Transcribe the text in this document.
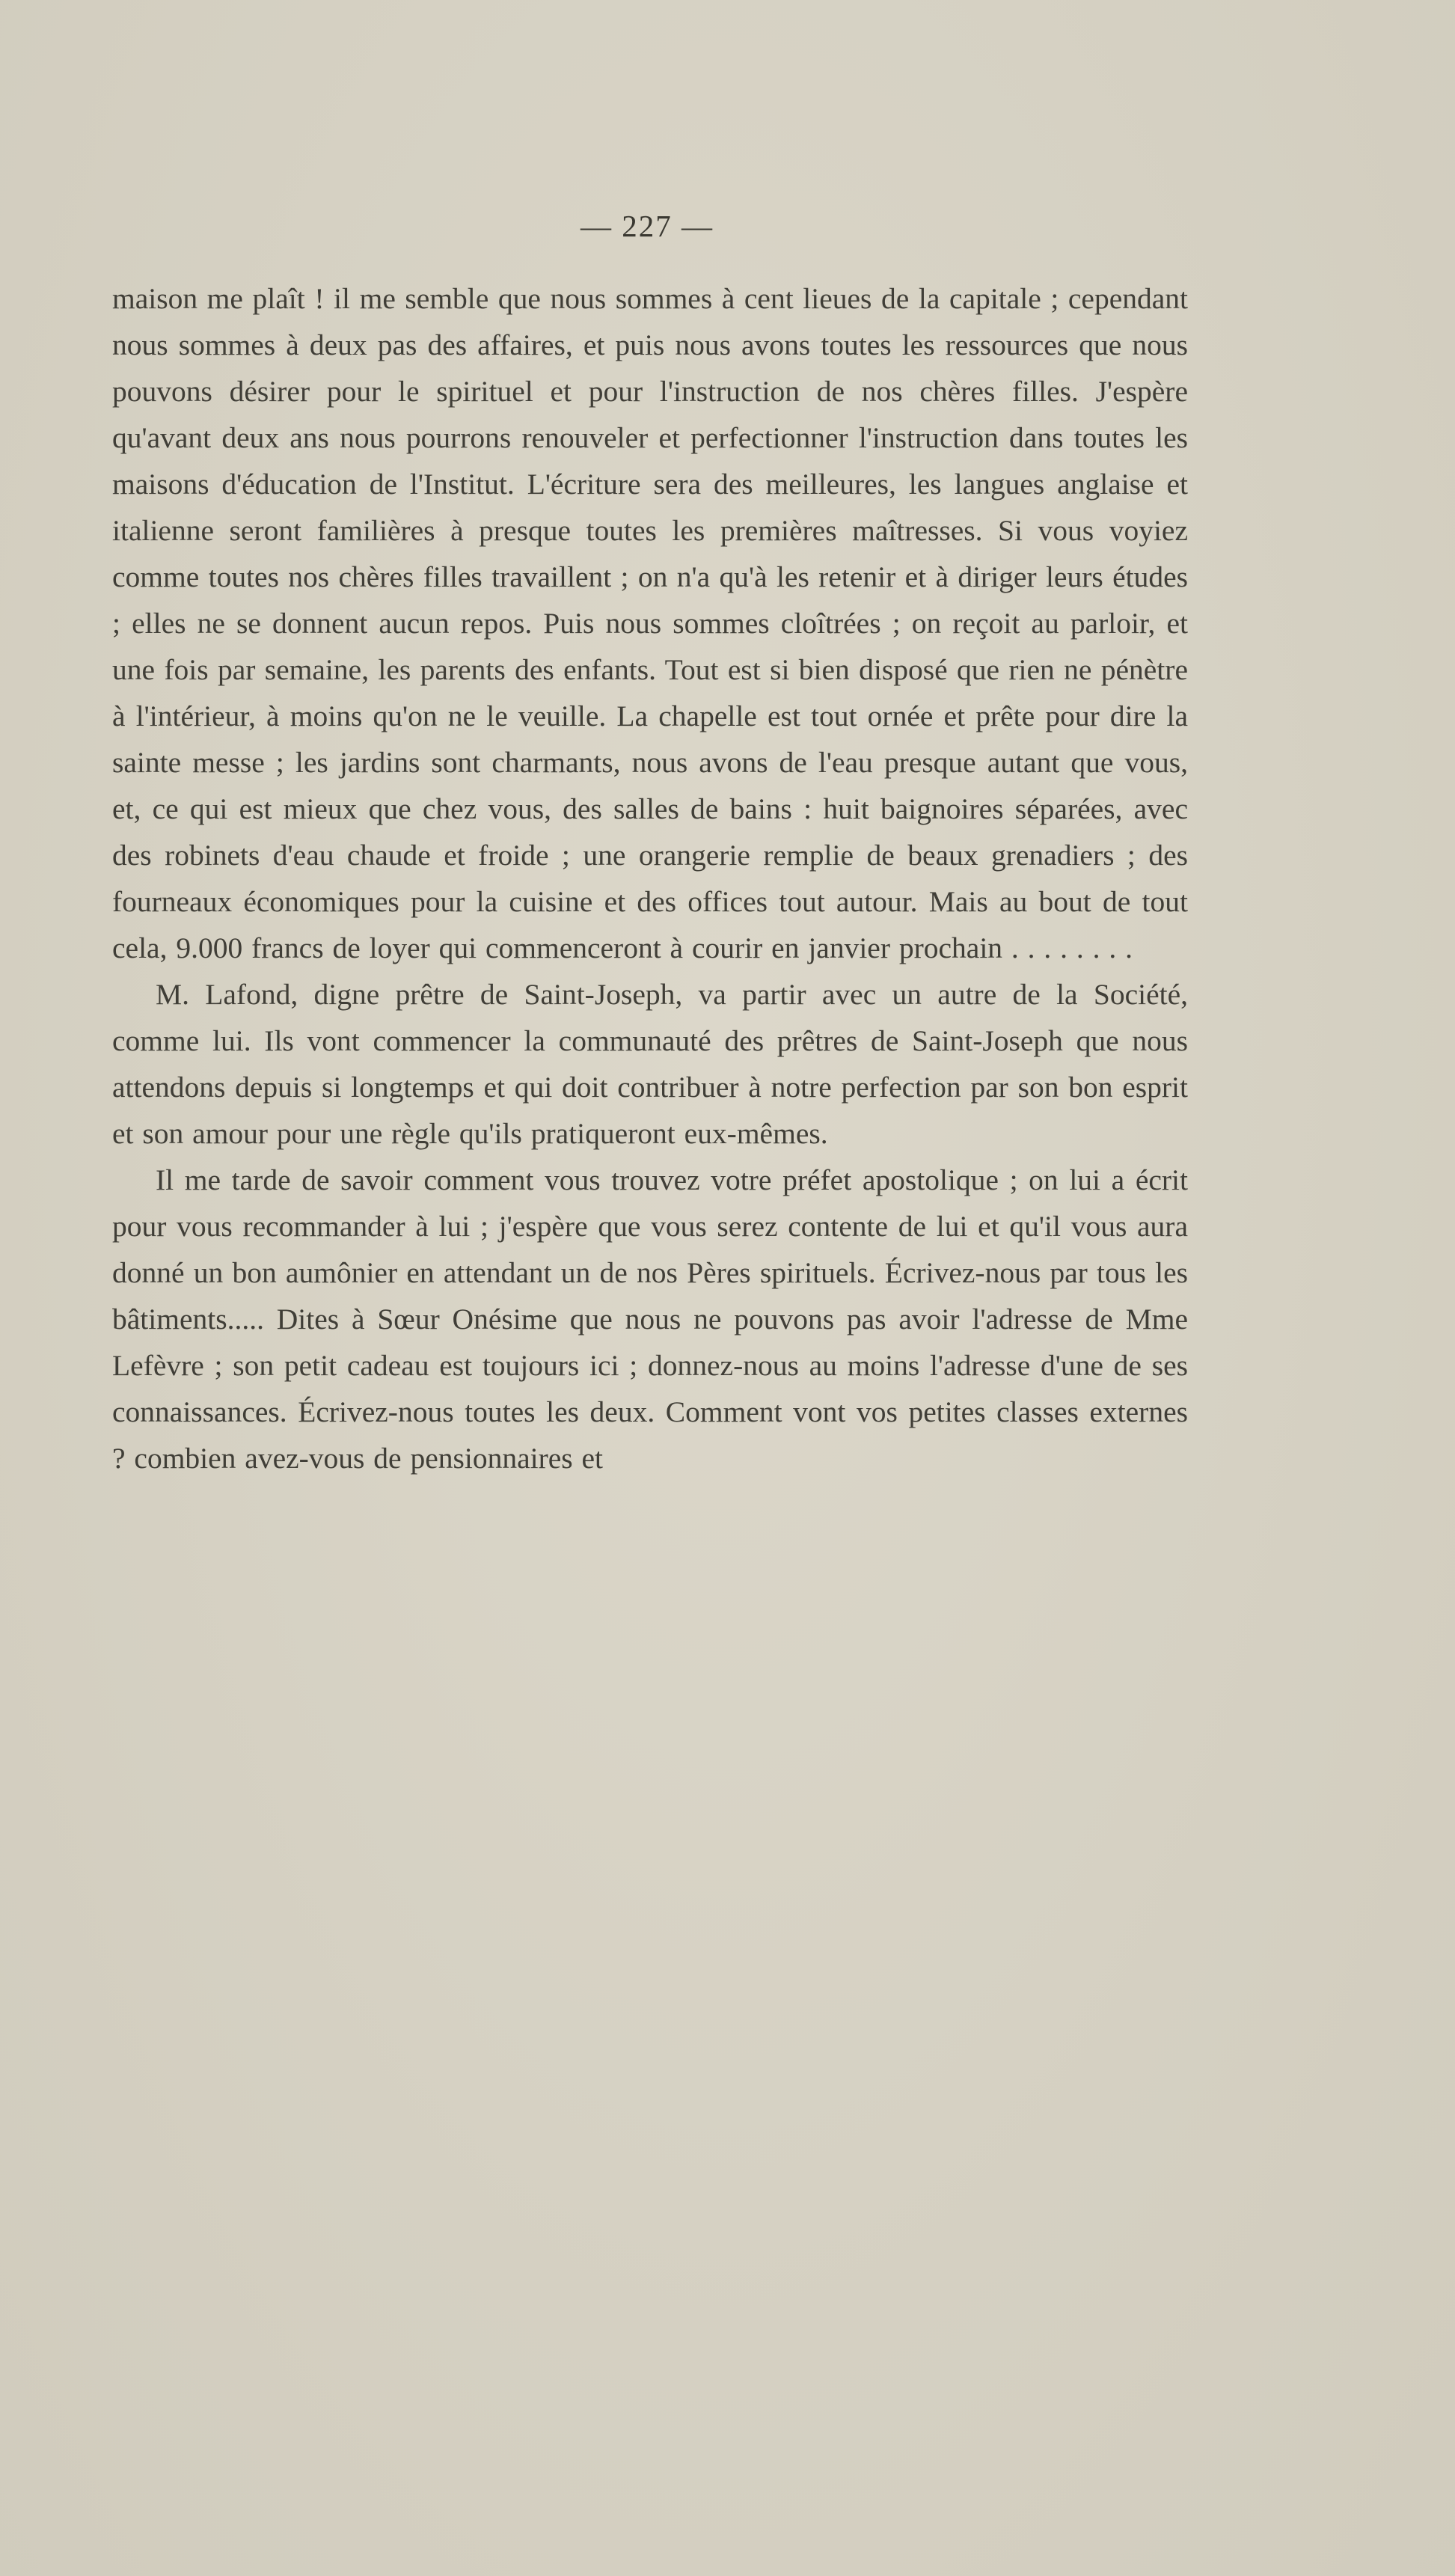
— 227 —

maison me plaît ! il me semble que nous sommes à cent lieues de la capitale ; cependant nous sommes à deux pas des affaires, et puis nous avons toutes les ressources que nous pouvons désirer pour le spirituel et pour l'instruction de nos chères filles. J'espère qu'avant deux ans nous pourrons renouveler et perfectionner l'instruction dans toutes les maisons d'éducation de l'Institut. L'écriture sera des meilleures, les langues anglaise et italienne seront familières à presque toutes les premières maîtresses. Si vous voyiez comme toutes nos chères filles travaillent ; on n'a qu'à les retenir et à diriger leurs études ; elles ne se donnent aucun repos. Puis nous sommes cloîtrées ; on reçoit au parloir, et une fois par semaine, les parents des enfants. Tout est si bien disposé que rien ne pénètre à l'intérieur, à moins qu'on ne le veuille. La chapelle est tout ornée et prête pour dire la sainte messe ; les jardins sont charmants, nous avons de l'eau presque autant que vous, et, ce qui est mieux que chez vous, des salles de bains : huit baignoires séparées, avec des robinets d'eau chaude et froide ; une orangerie remplie de beaux grenadiers ; des fourneaux économiques pour la cuisine et des offices tout autour. Mais au bout de tout cela, 9.000 francs de loyer qui commenceront à courir en janvier prochain . . . . . . . .

M. Lafond, digne prêtre de Saint-Joseph, va partir avec un autre de la Société, comme lui. Ils vont commencer la communauté des prêtres de Saint-Joseph que nous attendons depuis si longtemps et qui doit contribuer à notre perfection par son bon esprit et son amour pour une règle qu'ils pratiqueront eux-mêmes.

Il me tarde de savoir comment vous trouvez votre préfet apostolique ; on lui a écrit pour vous recommander à lui ; j'espère que vous serez contente de lui et qu'il vous aura donné un bon aumônier en attendant un de nos Pères spirituels. Écrivez-nous par tous les bâtiments..... Dites à Sœur Onésime que nous ne pouvons pas avoir l'adresse de Mme Lefèvre ; son petit cadeau est toujours ici ; donnez-nous au moins l'adresse d'une de ses connaissances. Écrivez-nous toutes les deux. Comment vont vos petites classes externes ? combien avez-vous de pensionnaires et
